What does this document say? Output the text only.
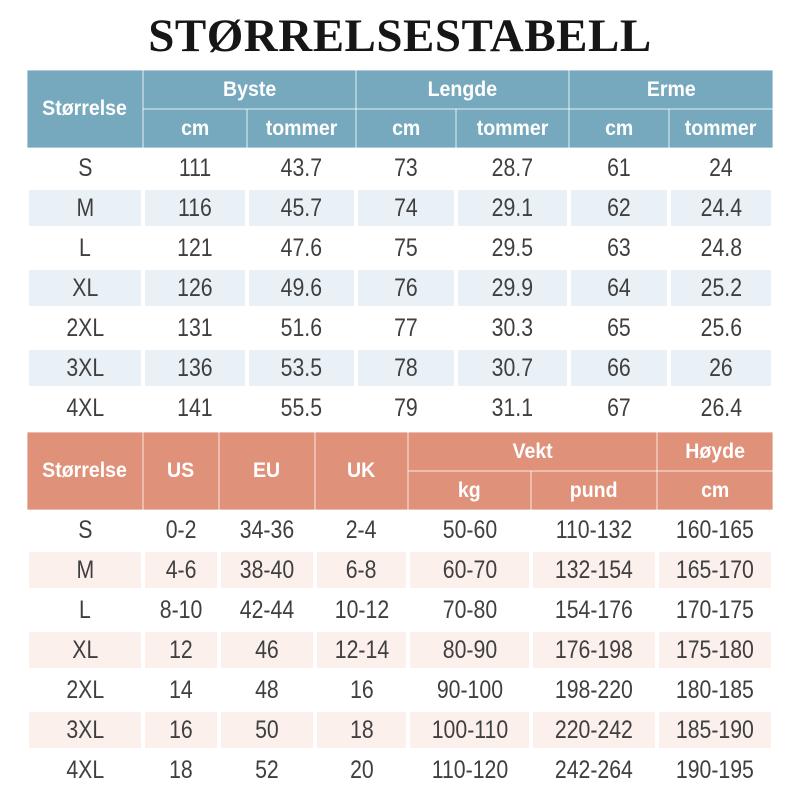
STØRRELSESTABELL
Størrelse	Byste		Lengde		Erme	
	cm	tommer	cm	tommer	cm	tommer
S	111	43.7	73	28.7	61	24
M	116	45.7	74	29.1	62	24.4
L	121	47.6	75	29.5	63	24.8
XL	126	49.6	76	29.9	64	25.2
2XL	131	51.6	77	30.3	65	25.6
3XL	136	53.5	78	30.7	66	26
4XL	141	55.5	79	31.1	67	26.4
Størrelse	US	EU	UK	Vekt		Høyde
				kg	pund	cm
S	0-2	34-36	2-4	50-60	110-132	160-165
M	4-6	38-40	6-8	60-70	132-154	165-170
L	8-10	42-44	10-12	70-80	154-176	170-175
XL	12	46	12-14	80-90	176-198	175-180
2XL	14	48	16	90-100	198-220	180-185
3XL	16	50	18	100-110	220-242	185-190
4XL	18	52	20	110-120	242-264	190-195
